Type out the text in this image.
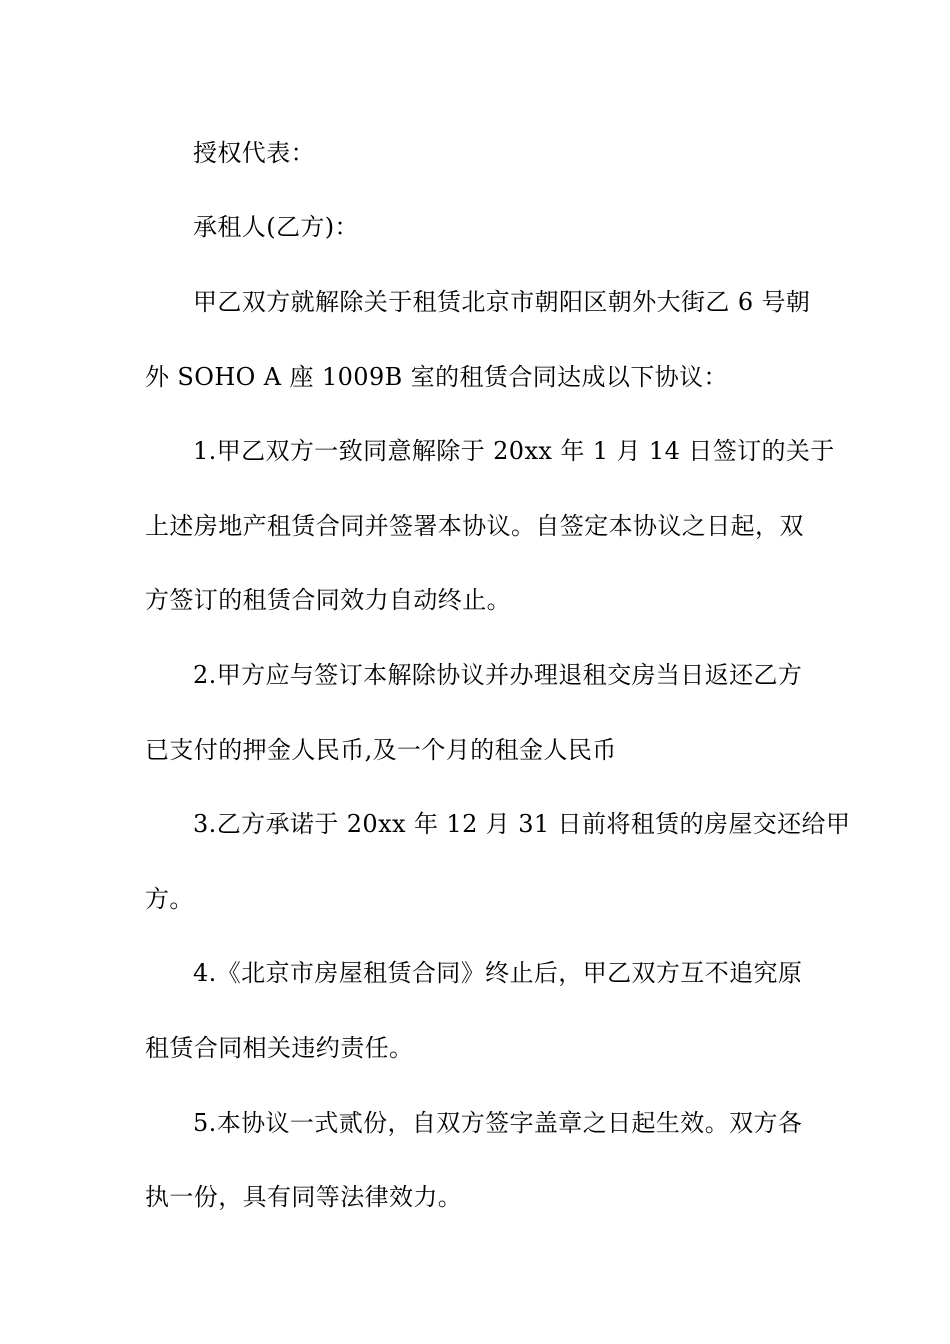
授权代表：
承租人(乙方)：
甲乙双方就解除关于租赁北京市朝阳区朝外大街乙 6 号朝
外 SOHO A 座 1009B 室的租赁合同达成以下协议：
1.甲乙双方一致同意解除于 20xx 年 1 月 14 日签订的关于
上述房地产租赁合同并签署本协议。自签定本协议之日起，双
方签订的租赁合同效力自动终止。
2.甲方应与签订本解除协议并办理退租交房当日返还乙方
已支付的押金人民币,及一个月的租金人民币
3.乙方承诺于 20xx 年 12 月 31 日前将租赁的房屋交还给甲
方。
4.《北京市房屋租赁合同》终止后，甲乙双方互不追究原
租赁合同相关违约责任。
5.本协议一式贰份，自双方签字盖章之日起生效。双方各
执一份，具有同等法律效力。
